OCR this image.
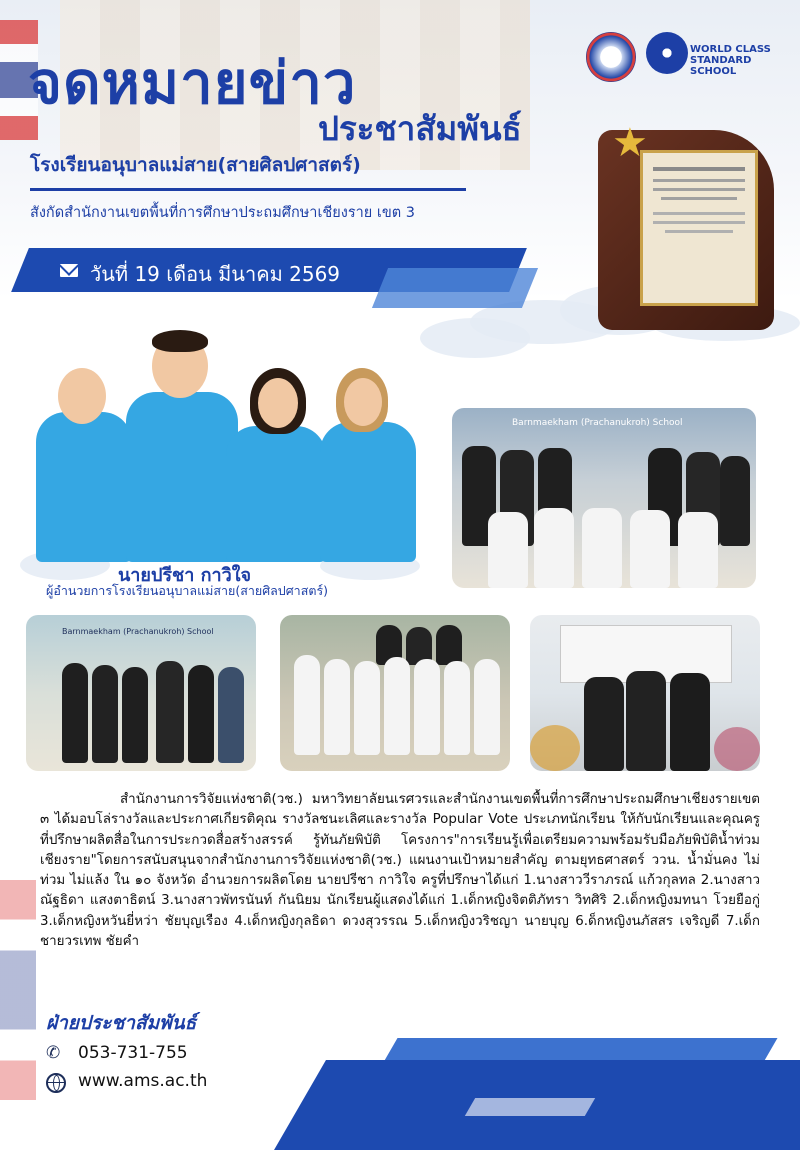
จดหมายข่าว
ประชาสัมพันธ์
โรงเรียนอนุบาลแม่สาย(สายศิลปศาสตร์)
สังกัดสำนักงานเขตพื้นที่การศึกษาประถมศึกษาเชียงราย เขต 3
WORLD CLASS
STANDARD SCHOOL
★
วันที่ 19 เดือน มีนาคม 2569
นายปรีชา กาวิใจ
ผู้อำนวยการโรงเรียนอนุบาลแม่สาย(สายศิลปศาสตร์)
Barnmaekham (Prachanukroh) School
Barnmaekham (Prachanukroh) School

สำนักงานการวิจัยแห่งชาติ(วช.) มหาวิทยาลัยนเรศวรและสำนักงานเขตพื้นที่การศึกษาประถมศึกษาเชียงรายเขต ๓ ได้มอบโล่รางวัลและประกาศเกียรติคุณ รางวัลชนะเลิศและรางวัล Popular Vote ประเภทนักเรียน ให้กับนักเรียนและคุณครูที่ปรึกษาผลิตสื่อในการประกวดสื่อสร้างสรรค์ รู้ทันภัยพิบัติ โครงการ"การเรียนรู้เพื่อเตรียมความพร้อมรับมือภัยพิบัติน้ำท่วมเชียงราย"โดยการสนับสนุนจากสำนักงานการวิจัยแห่งชาติ(วช.) แผนงานเป้าหมายสำคัญ ตามยุทธศาสตร์ ววน. น้ำมั่นคง ไม่ท่วม ไม่แล้ง ใน ๑๐ จังหวัด อำนวยการผลิตโดย นายปรีชา กาวิใจ ครูที่ปรึกษาได้แก่ 1.นางสาววีราภรณ์ แก้วกุลทล 2.นางสาวณัฐธิดา แสงตาธิตน์ 3.นางสาวพัทรนันท์ กันนิยม นักเรียนผู้แสดงได้แก่ 1.เด็กหญิงจิตติภัทรา วิทศิริ 2.เด็กหญิงมทนา โวยยือกู่ 3.เด็กหญิงหวันยี่หว่า ชัยบุญเรือง 4.เด็กหญิงกุลธิดา ดวงสุวรรณ 5.เด็กหญิงวริชญา นายบุญ 6.ด็กหญิงนภัสสร เจริญดี 7.เด็กชายวรเทพ ชัยคำ

ฝ่ายประชาสัมพันธ์
✆ 053-731-755
www.ams.ac.th
